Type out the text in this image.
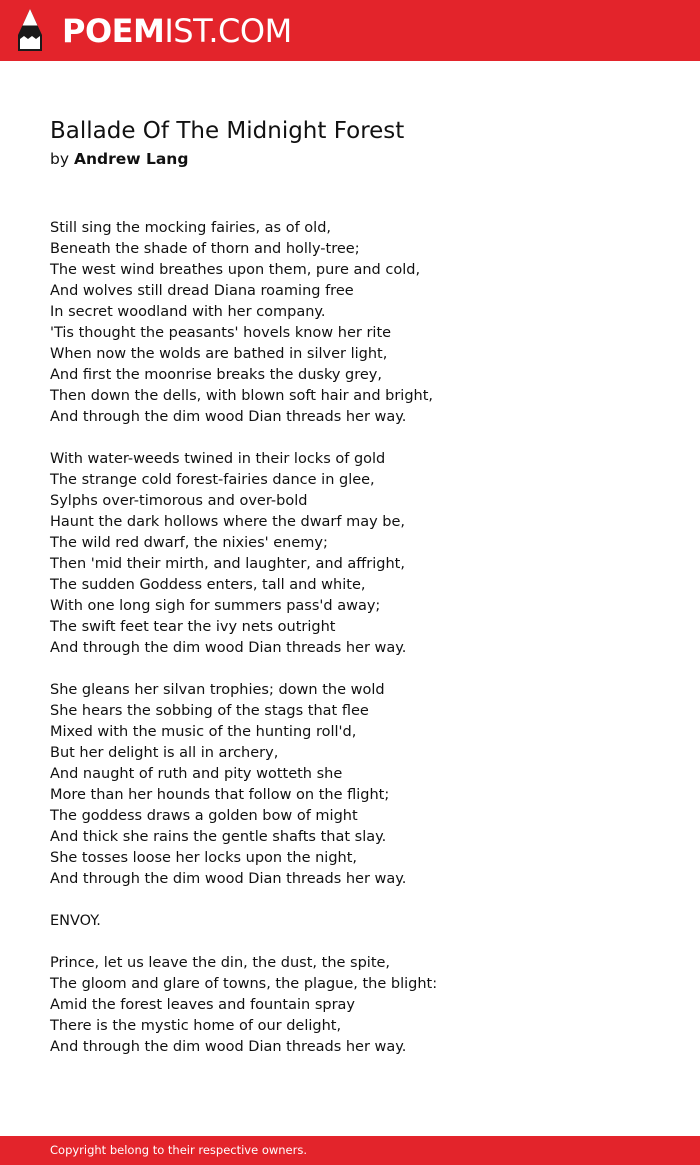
POEMIST.COM
Ballade Of The Midnight Forest
by Andrew Lang
Still sing the mocking fairies, as of old,
Beneath the shade of thorn and holly-tree;
The west wind breathes upon them, pure and cold,
And wolves still dread Diana roaming free
In secret woodland with her company.
'Tis thought the peasants' hovels know her rite
When now the wolds are bathed in silver light,
And first the moonrise breaks the dusky grey,
Then down the dells, with blown soft hair and bright,
And through the dim wood Dian threads her way.
With water-weeds twined in their locks of gold
The strange cold forest-fairies dance in glee,
Sylphs over-timorous and over-bold
Haunt the dark hollows where the dwarf may be,
The wild red dwarf, the nixies' enemy;
Then 'mid their mirth, and laughter, and affright,
The sudden Goddess enters, tall and white,
With one long sigh for summers pass'd away;
The swift feet tear the ivy nets outright
And through the dim wood Dian threads her way.
She gleans her silvan trophies; down the wold
She hears the sobbing of the stags that flee
Mixed with the music of the hunting roll'd,
But her delight is all in archery,
And naught of ruth and pity wotteth she
More than her hounds that follow on the flight;
The goddess draws a golden bow of might
And thick she rains the gentle shafts that slay.
She tosses loose her locks upon the night,
And through the dim wood Dian threads her way.
ENVOY.
Prince, let us leave the din, the dust, the spite,
The gloom and glare of towns, the plague, the blight:
Amid the forest leaves and fountain spray
There is the mystic home of our delight,
And through the dim wood Dian threads her way.
Copyright belong to their respective owners.
